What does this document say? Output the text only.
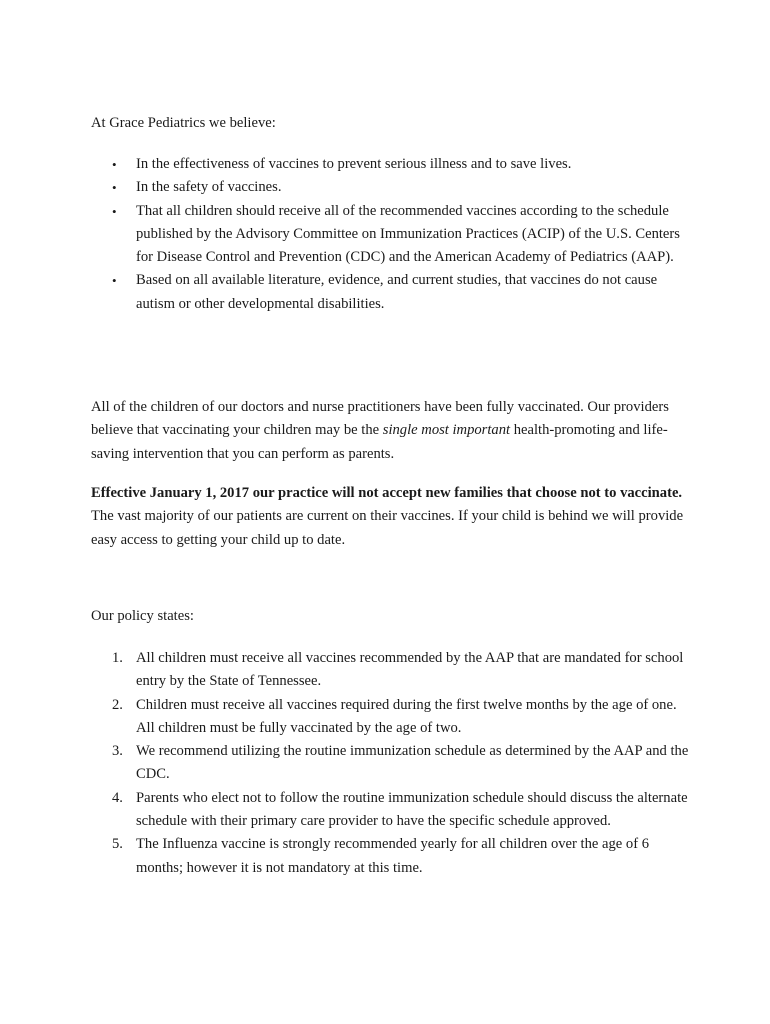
At Grace Pediatrics we believe:

• In the effectiveness of vaccines to prevent serious illness and to save lives.
• In the safety of vaccines.
• That all children should receive all of the recommended vaccines according to the schedule published by the Advisory Committee on Immunization Practices (ACIP) of the U.S. Centers for Disease Control and Prevention (CDC) and the American Academy of Pediatrics (AAP).
• Based on all available literature, evidence, and current studies, that vaccines do not cause autism or other developmental disabilities.

All of the children of our doctors and nurse practitioners have been fully vaccinated. Our providers believe that vaccinating your children may be the single most important health-promoting and life-saving intervention that you can perform as parents.

Effective January 1, 2017 our practice will not accept new families that choose not to vaccinate. The vast majority of our patients are current on their vaccines. If your child is behind we will provide easy access to getting your child up to date.

Our policy states:

1. All children must receive all vaccines recommended by the AAP that are mandated for school entry by the State of Tennessee.
2. Children must receive all vaccines required during the first twelve months by the age of one. All children must be fully vaccinated by the age of two.
3. We recommend utilizing the routine immunization schedule as determined by the AAP and the CDC.
4. Parents who elect not to follow the routine immunization schedule should discuss the alternate schedule with their primary care provider to have the specific schedule approved.
5. The Influenza vaccine is strongly recommended yearly for all children over the age of 6 months; however it is not mandatory at this time.
